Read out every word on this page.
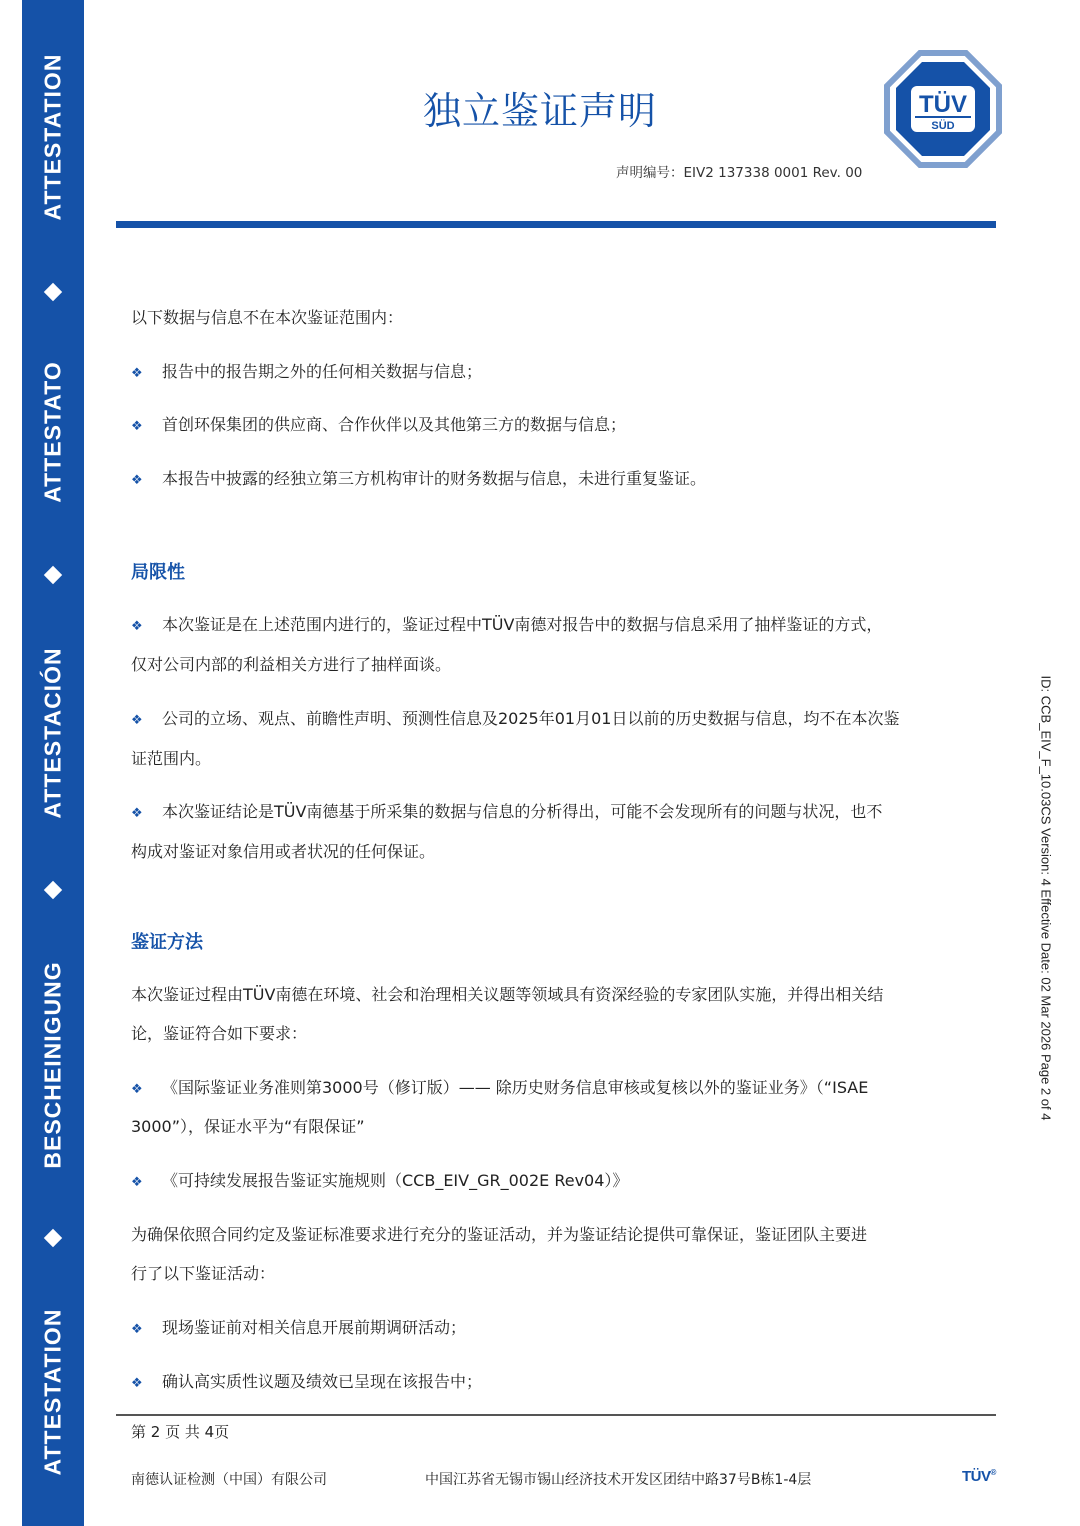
ATTESTATION
ATTESTATO
ATTESTACIÓN
BESCHEINIGUNG
ATTESTATION
独立鉴证声明	TÜV
SÜD
声明编号：EIV2 137338 0001 Rev. 00
以下数据与信息不在本次鉴证范围内：
❖ 报告中的报告期之外的任何相关数据与信息；
❖ 首创环保集团的供应商、合作伙伴以及其他第三方的数据与信息；
❖ 本报告中披露的经独立第三方机构审计的财务数据与信息，未进行重复鉴证。
局限性
❖ 本次鉴证是在上述范围内进行的，鉴证过程中TÜV南德对报告中的数据与信息采用了抽样鉴证的方式，
仅对公司内部的利益相关方进行了抽样面谈。
❖ 公司的立场、观点、前瞻性声明、预测性信息及2025年01月01日以前的历史数据与信息，均不在本次鉴
证范围内。
❖ 本次鉴证结论是TÜV南德基于所采集的数据与信息的分析得出，可能不会发现所有的问题与状况，也不
构成对鉴证对象信用或者状况的任何保证。
鉴证方法
本次鉴证过程由TÜV南德在环境、社会和治理相关议题等领域具有资深经验的专家团队实施，并得出相关结
论，鉴证符合如下要求：
❖ 《国际鉴证业务准则第3000号（修订版）—— 除历史财务信息审核或复核以外的鉴证业务》（“ISAE
3000”），保证水平为“有限保证”
❖ 《可持续发展报告鉴证实施规则（CCB_EIV_GR_002E Rev04）》
为确保依照合同约定及鉴证标准要求进行充分的鉴证活动，并为鉴证结论提供可靠保证，鉴证团队主要进
行了以下鉴证活动：
❖ 现场鉴证前对相关信息开展前期调研活动；
❖ 确认高实质性议题及绩效已呈现在该报告中；
ID: CCB_EIV_F_10.03CS Version: 4 Effective Date: 02 Mar 2026 Page 2 of 4
第 2 页 共 4页
南德认证检测（中国）有限公司	中国江苏省无锡市锡山经济技术开发区团结中路37号B栋1-4层	TÜV®
